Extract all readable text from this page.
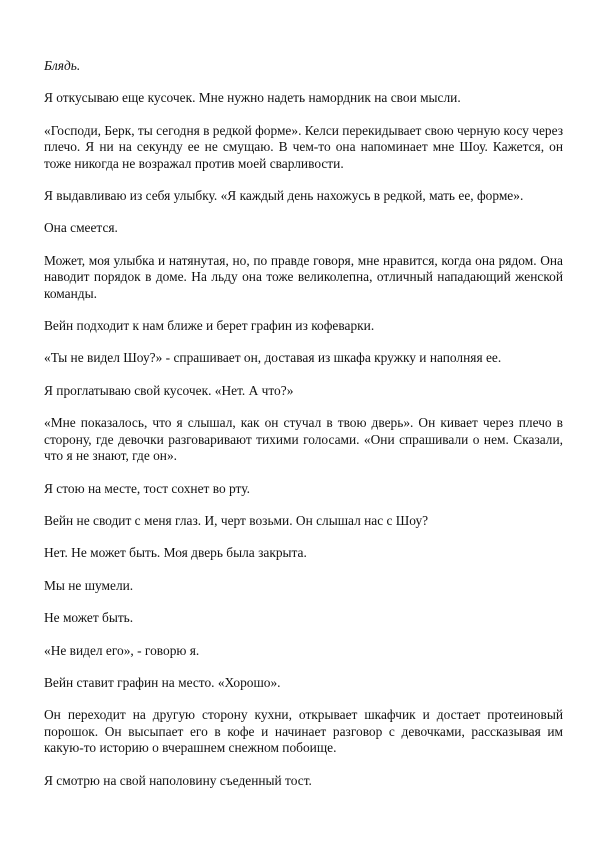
Блядь.

Я откусываю еще кусочек. Мне нужно надеть намордник на свои мысли.

«Господи, Берк, ты сегодня в редкой форме». Келси перекидывает свою черную косу через плечо. Я ни на секунду ее не смущаю. В чем-то она напоминает мне Шоу. Кажется, он тоже никогда не возражал против моей сварливости.

Я выдавливаю из себя улыбку. «Я каждый день нахожусь в редкой, мать ее, форме».

Она смеется.

Может, моя улыбка и натянутая, но, по правде говоря, мне нравится, когда она рядом. Она наводит порядок в доме. На льду она тоже великолепна, отличный нападающий женской команды.

Вейн подходит к нам ближе и берет графин из кофеварки.

«Ты не видел Шоу?» - спрашивает он, доставая из шкафа кружку и наполняя ее.

Я проглатываю свой кусочек. «Нет. А что?»

«Мне показалось, что я слышал, как он стучал в твою дверь». Он кивает через плечо в сторону, где девочки разговаривают тихими голосами. «Они спрашивали о нем. Сказали, что я не знают, где он».

Я стою на месте, тост сохнет во рту.

Вейн не сводит с меня глаз. И, черт возьми. Он слышал нас с Шоу?

Нет. Не может быть. Моя дверь была закрыта.

Мы не шумели.

Не может быть.

«Не видел его», - говорю я.

Вейн ставит графин на место. «Хорошо».

Он переходит на другую сторону кухни, открывает шкафчик и достает протеиновый порошок. Он высыпает его в кофе и начинает разговор с девочками, рассказывая им какую-то историю о вчерашнем снежном побоище.

Я смотрю на свой наполовину съеденный тост.
